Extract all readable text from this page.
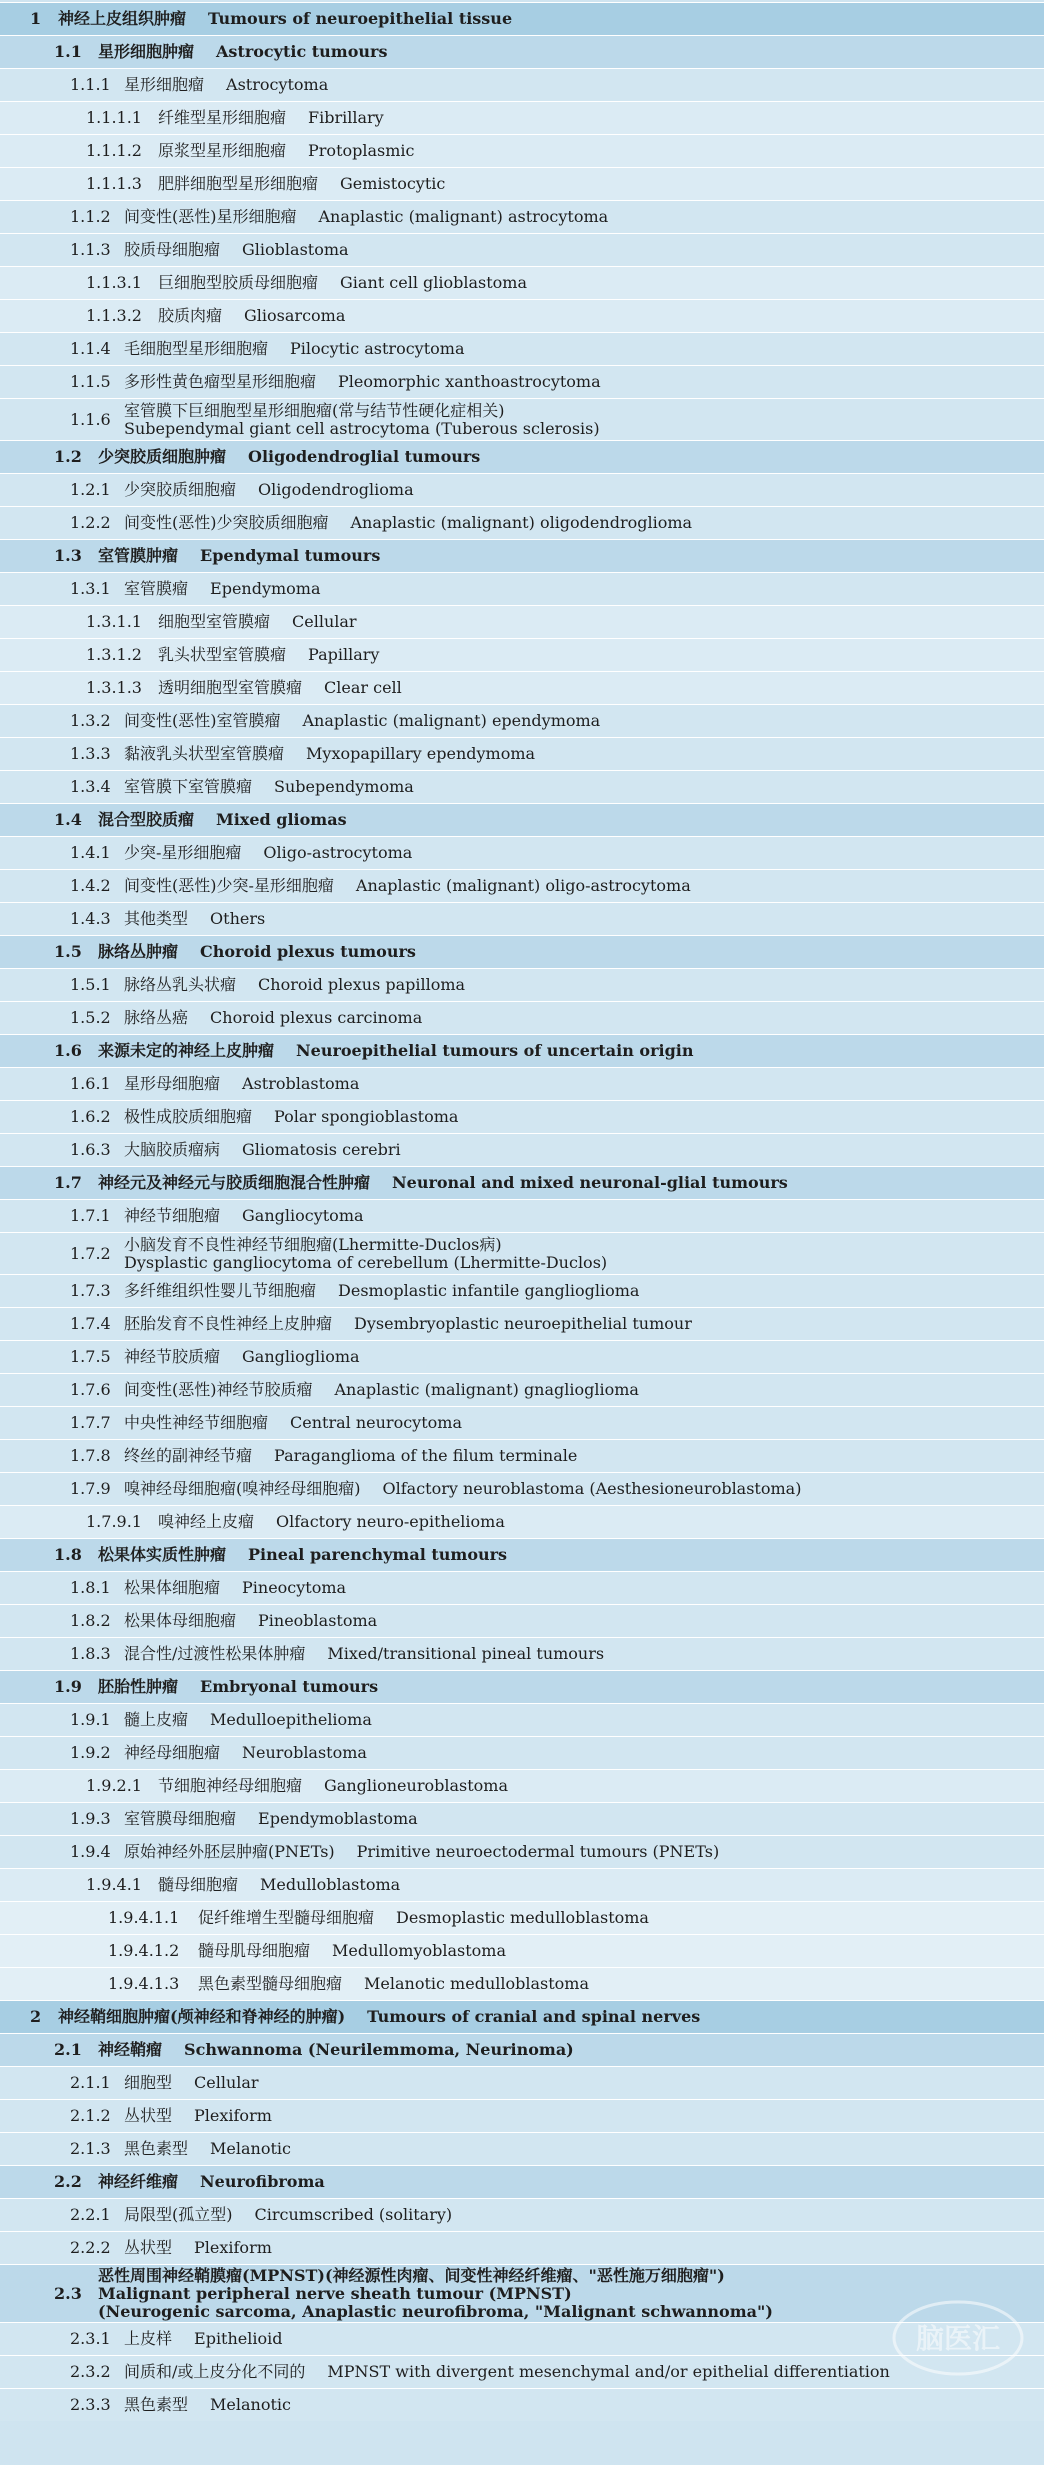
1	神经上皮组织肿瘤 Tumours of neuroepithelial tissue
1.1	星形细胞肿瘤 Astrocytic tumours
1.1.1 星形细胞瘤 Astrocytoma
1.1.1.1	纤维型星形细胞瘤 Fibrillary
1.1.1.2	原浆型星形细胞瘤 Protoplasmic
1.1.1.3	肥胖细胞型星形细胞瘤 Gemistocytic
1.1.2 间变性(恶性)星形细胞瘤 Anaplastic (malignant) astrocytoma
1.1.3 胶质母细胞瘤 Glioblastoma
1.1.3.1	巨细胞型胶质母细胞瘤 Giant cell glioblastoma
1.1.3.2	胶质肉瘤 Gliosarcoma
1.1.4 毛细胞型星形细胞瘤 Pilocytic astrocytoma
1.1.5 多形性黄色瘤型星形细胞瘤 Pleomorphic xanthoastrocytoma
1.1.6 室管膜下巨细胞型星形细胞瘤(常与结节性硬化症相关)
Subependymal giant cell astrocytoma (Tuberous sclerosis)
1.2	少突胶质细胞肿瘤 Oligodendroglial tumours
1.2.1 少突胶质细胞瘤 Oligodendroglioma
1.2.2 间变性(恶性)少突胶质细胞瘤 Anaplastic (malignant) oligodendroglioma
1.3	室管膜肿瘤 Ependymal tumours
1.3.1 室管膜瘤 Ependymoma
1.3.1.1	细胞型室管膜瘤 Cellular
1.3.1.2	乳头状型室管膜瘤 Papillary
1.3.1.3	透明细胞型室管膜瘤 Clear cell
1.3.2 间变性(恶性)室管膜瘤 Anaplastic (malignant) ependymoma
1.3.3 黏液乳头状型室管膜瘤 Myxopapillary ependymoma
1.3.4 室管膜下室管膜瘤 Subependymoma
1.4	混合型胶质瘤 Mixed gliomas
1.4.1 少突-星形细胞瘤 Oligo-astrocytoma
1.4.2 间变性(恶性)少突-星形细胞瘤 Anaplastic (malignant) oligo-astrocytoma
1.4.3 其他类型 Others
1.5	脉络丛肿瘤 Choroid plexus tumours
1.5.1 脉络丛乳头状瘤 Choroid plexus papilloma
1.5.2 脉络丛癌 Choroid plexus carcinoma
1.6	来源未定的神经上皮肿瘤 Neuroepithelial tumours of uncertain origin
1.6.1 星形母细胞瘤 Astroblastoma
1.6.2 极性成胶质细胞瘤 Polar spongioblastoma
1.6.3 大脑胶质瘤病 Gliomatosis cerebri
1.7	神经元及神经元与胶质细胞混合性肿瘤 Neuronal and mixed neuronal-glial tumours
1.7.1 神经节细胞瘤 Gangliocytoma
1.7.2 小脑发育不良性神经节细胞瘤(Lhermitte-Duclos病)
Dysplastic gangliocytoma of cerebellum (Lhermitte-Duclos)
1.7.3 多纤维组织性婴儿节细胞瘤 Desmoplastic infantile ganglioglioma
1.7.4 胚胎发育不良性神经上皮肿瘤 Dysembryoplastic neuroepithelial tumour
1.7.5 神经节胶质瘤 Ganglioglioma
1.7.6 间变性(恶性)神经节胶质瘤 Anaplastic (malignant) gnaglioglioma
1.7.7 中央性神经节细胞瘤 Central neurocytoma
1.7.8 终丝的副神经节瘤 Paraganglioma of the filum terminale
1.7.9 嗅神经母细胞瘤(嗅神经母细胞瘤) Olfactory neuroblastoma (Aesthesioneuroblastoma)
1.7.9.1	嗅神经上皮瘤 Olfactory neuro-epithelioma
1.8	松果体实质性肿瘤 Pineal parenchymal tumours
1.8.1 松果体细胞瘤 Pineocytoma
1.8.2 松果体母细胞瘤 Pineoblastoma
1.8.3 混合性/过渡性松果体肿瘤 Mixed/transitional pineal tumours
1.9	胚胎性肿瘤 Embryonal tumours
1.9.1 髓上皮瘤 Medulloepithelioma
1.9.2 神经母细胞瘤 Neuroblastoma
1.9.2.1	节细胞神经母细胞瘤 Ganglioneuroblastoma
1.9.3 室管膜母细胞瘤 Ependymoblastoma
1.9.4 原始神经外胚层肿瘤(PNETs) Primitive neuroectodermal tumours (PNETs)
1.9.4.1	髓母细胞瘤 Medulloblastoma
1.9.4.1.1	促纤维增生型髓母细胞瘤 Desmoplastic medulloblastoma
1.9.4.1.2	髓母肌母细胞瘤 Medullomyoblastoma
1.9.4.1.3	黑色素型髓母细胞瘤 Melanotic medulloblastoma
2	神经鞘细胞肿瘤(颅神经和脊神经的肿瘤) Tumours of cranial and spinal nerves
2.1	神经鞘瘤 Schwannoma (Neurilemmoma, Neurinoma)
2.1.1 细胞型 Cellular
2.1.2 丛状型 Plexiform
2.1.3 黑色素型 Melanotic
2.2	神经纤维瘤 Neurofibroma
2.2.1 局限型(孤立型) Circumscribed (solitary)
2.2.2 丛状型 Plexiform
2.3
恶性周围神经鞘膜瘤(MPNST)(神经源性肉瘤、间变性神经纤维瘤、"恶性施万细胞瘤")
Malignant peripheral nerve sheath tumour (MPNST)
(Neurogenic sarcoma, Anaplastic neurofibroma, "Malignant schwannoma")
2.3.1 上皮样 Epithelioid
2.3.2 间质和/或上皮分化不同的 MPNST with divergent mesenchymal and/or epithelial differentiation
2.3.3 黑色素型 Melanotic
脑医汇
